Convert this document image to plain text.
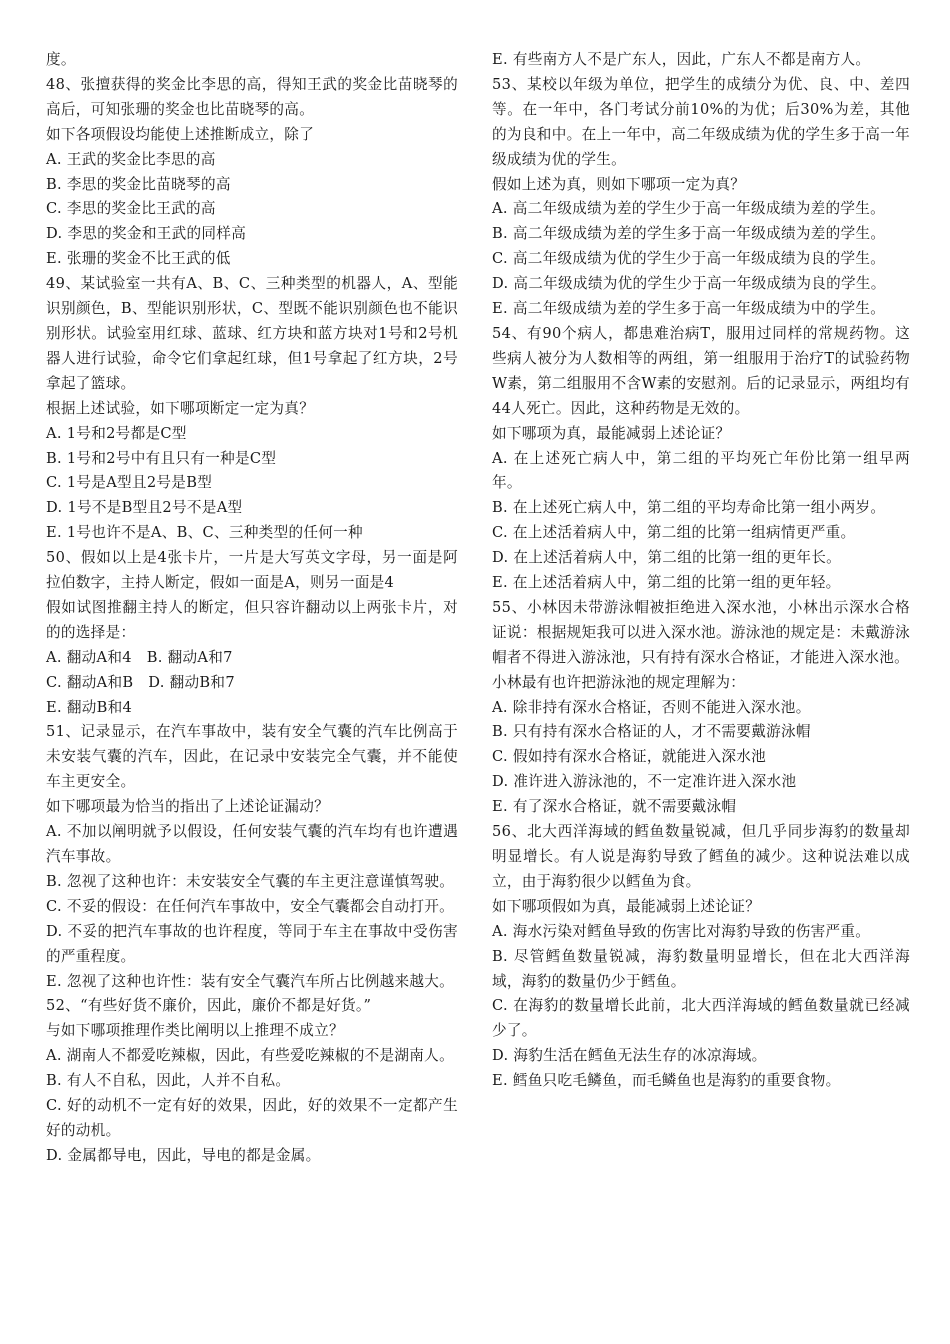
度。
48、张擅获得的奖金比李思的高，得知王武的奖金比苗晓琴的高后，可知张珊的奖金也比苗晓琴的高。
如下各项假设均能使上述推断成立，除了
A. 王武的奖金比李思的高
B. 李思的奖金比苗晓琴的高
C. 李思的奖金比王武的高
D. 李思的奖金和王武的同样高
E. 张珊的奖金不比王武的低
49、某试验室一共有A、B、C、三种类型的机器人，A、型能识别颜色，B、型能识别形状，C、型既不能识别颜色也不能识别形状。试验室用红球、蓝球、红方块和蓝方块对1号和2号机器人进行试验，命令它们拿起红球，但1号拿起了红方块，2号拿起了篮球。
根据上述试验，如下哪项断定一定为真？
A. 1号和2号都是C型
B. 1号和2号中有且只有一种是C型
C. 1号是A型且2号是B型
D. 1号不是B型且2号不是A型
E. 1号也许不是A、B、C、三种类型的任何一种
50、假如以上是4张卡片，一片是大写英文字母，另一面是阿拉伯数字，主持人断定，假如一面是A，则另一面是4
假如试图推翻主持人的断定，但只容许翻动以上两张卡片，对的的选择是：
A. 翻动A和4　B. 翻动A和7
C. 翻动A和B　D. 翻动B和7
E. 翻动B和4
51、记录显示，在汽车事故中，装有安全气囊的汽车比例高于未安装气囊的汽车，因此，在记录中安装完全气囊，并不能使车主更安全。
如下哪项最为恰当的指出了上述论证漏动？
A. 不加以阐明就予以假设，任何安装气囊的汽车均有也许遭遇汽车事故。
B. 忽视了这种也许：未安装安全气囊的车主更注意谨慎驾驶。
C. 不妥的假设：在任何汽车事故中，安全气囊都会自动打开。
D. 不妥的把汽车事故的也许程度，等同于车主在事故中受伤害的严重程度。
E. 忽视了这种也许性：装有安全气囊汽车所占比例越来越大。
52、“有些好货不廉价，因此，廉价不都是好货。”
与如下哪项推理作类比阐明以上推理不成立？
A. 湖南人不都爱吃辣椒，因此，有些爱吃辣椒的不是湖南人。
B. 有人不自私，因此，人并不自私。
C. 好的动机不一定有好的效果，因此，好的效果不一定都产生好的动机。
D. 金属都导电，因此，导电的都是金属。
E. 有些南方人不是广东人，因此，广东人不都是南方人。
53、某校以年级为单位，把学生的成绩分为优、良、中、差四等。在一年中，各门考试分前10%的为优；后30%为差，其他的为良和中。在上一年中，高二年级成绩为优的学生多于高一年级成绩为优的学生。
假如上述为真，则如下哪项一定为真？
A. 高二年级成绩为差的学生少于高一年级成绩为差的学生。
B. 高二年级成绩为差的学生多于高一年级成绩为差的学生。
C. 高二年级成绩为优的学生少于高一年级成绩为良的学生。
D. 高二年级成绩为优的学生少于高一年级成绩为良的学生。
E. 高二年级成绩为差的学生多于高一年级成绩为中的学生。
54、有90个病人，都患难治病T，服用过同样的常规药物。这些病人被分为人数相等的两组，第一组服用于治疗T的试验药物W素，第二组服用不含W素的安慰剂。后的记录显示，两组均有44人死亡。因此，这种药物是无效的。
如下哪项为真，最能减弱上述论证？
A. 在上述死亡病人中，第二组的平均死亡年份比第一组早两年。
B. 在上述死亡病人中，第二组的平均寿命比第一组小两岁。
C. 在上述活着病人中，第二组的比第一组病情更严重。
D. 在上述活着病人中，第二组的比第一组的更年长。
E. 在上述活着病人中，第二组的比第一组的更年轻。
55、小林因未带游泳帽被拒绝进入深水池，小林出示深水合格证说：根据规矩我可以进入深水池。游泳池的规定是：未戴游泳帽者不得进入游泳池，只有持有深水合格证，才能进入深水池。
小林最有也许把游泳池的规定理解为：
A. 除非持有深水合格证，否则不能进入深水池。
B. 只有持有深水合格证的人，才不需要戴游泳帽
C. 假如持有深水合格证，就能进入深水池
D. 准许进入游泳池的，不一定准许进入深水池
E. 有了深水合格证，就不需要戴泳帽
56、北大西洋海域的鳕鱼数量锐减，但几乎同步海豹的数量却明显增长。有人说是海豹导致了鳕鱼的减少。这种说法难以成立，由于海豹很少以鳕鱼为食。
如下哪项假如为真，最能减弱上述论证？
A. 海水污染对鳕鱼导致的伤害比对海豹导致的伤害严重。
B. 尽管鳕鱼数量锐减，海豹数量明显增长，但在北大西洋海域，海豹的数量仍少于鳕鱼。
C. 在海豹的数量增长此前，北大西洋海域的鳕鱼数量就已经减少了。
D. 海豹生活在鳕鱼无法生存的冰凉海域。
E. 鳕鱼只吃毛鳞鱼，而毛鳞鱼也是海豹的重要食物。
